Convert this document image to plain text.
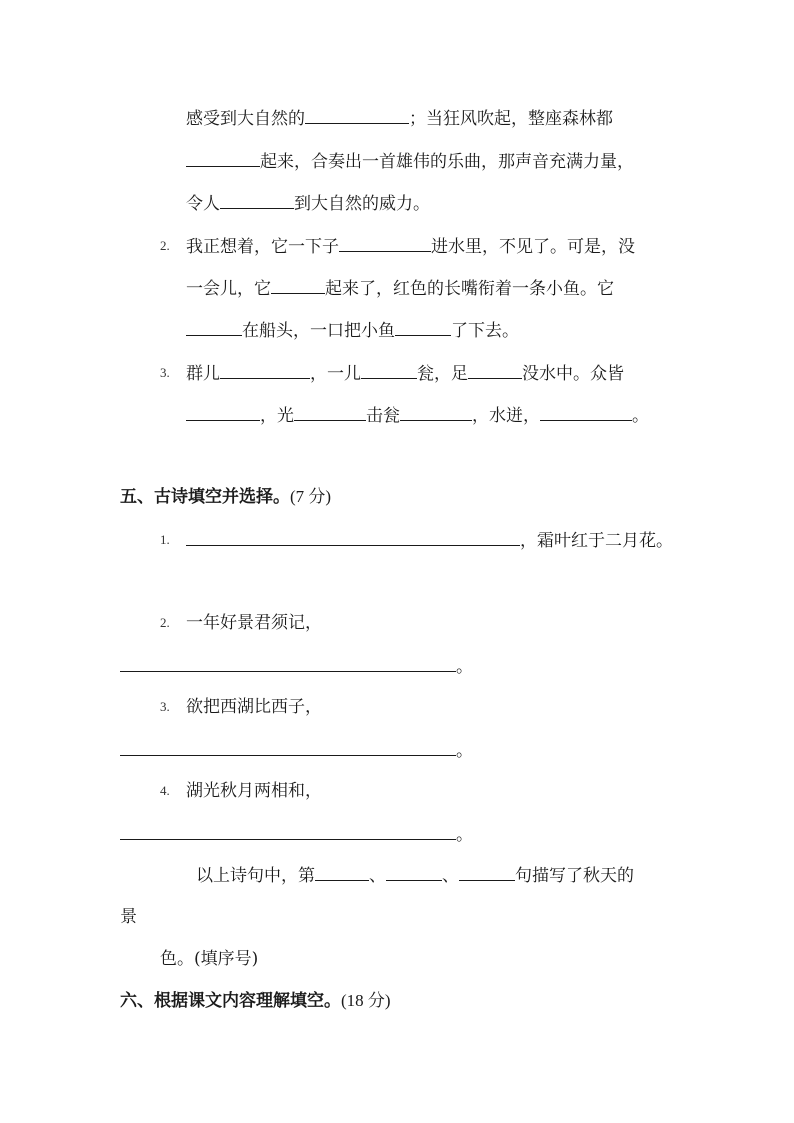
感受到大自然的	；当狂风吹起，整座森林都
起来，合奏出一首雄伟的乐曲，那声音充满力量，
令人	到大自然的威力。
2. 我正想着，它一下子	进水里，不见了。可是，没
一会儿，它	起来了，红色的长嘴衔着一条小鱼。它
在船头，一口把小鱼	了下去。
3. 群儿	，一儿	瓮，足	没水中。众皆
，光	击瓮	，水迸，	。
五、古诗填空并选择。(7 分)
1.	，霜叶红于二月花。
2. 一年好景君须记，
。
3. 欲把西湖比西子，
。
4. 湖光秋月两相和，
。
以上诗句中，第	、	、	句描写了秋天的
景
色。(填序号)
六、根据课文内容理解填空。(18 分)
